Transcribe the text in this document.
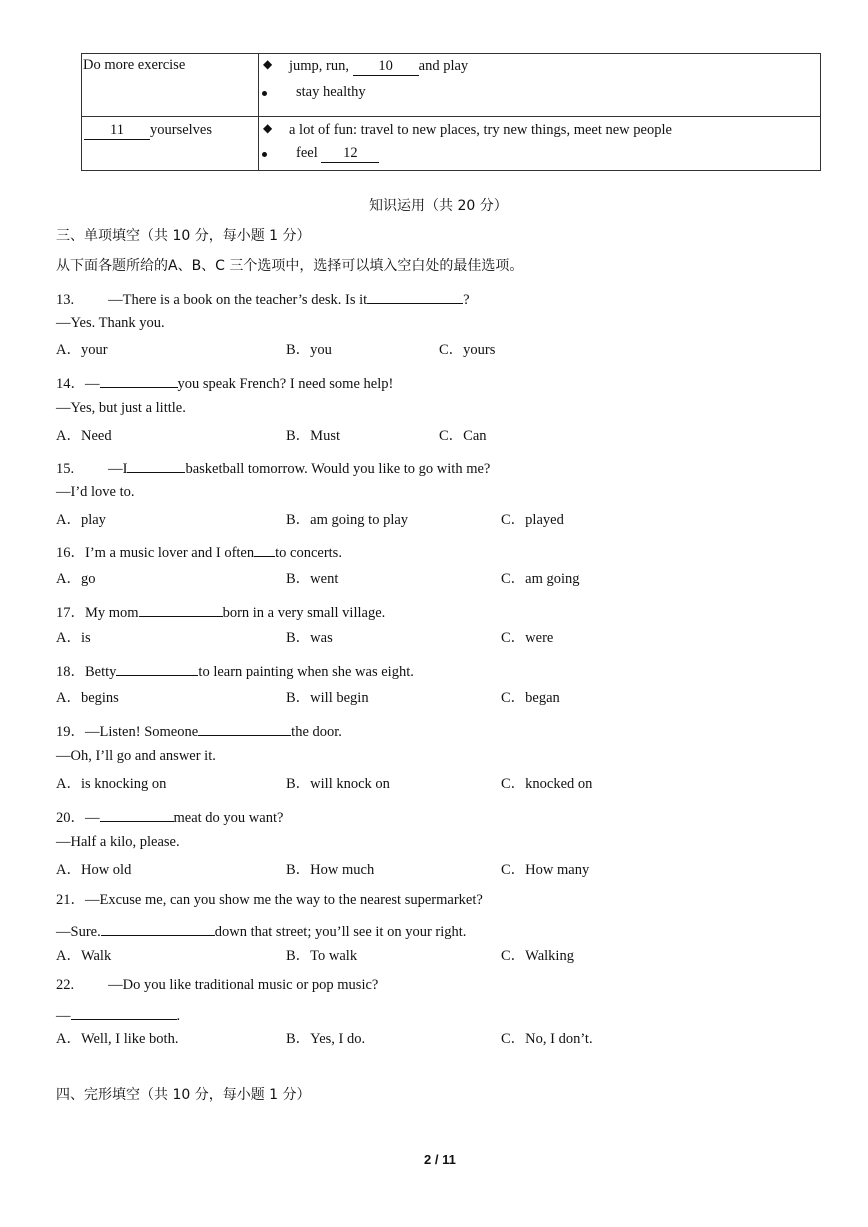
Do more exercise	◆ jump, run, 10 and play
stay healthy

11 yourselves	◆ a lot of fun: travel to new places, try new things, meet new people
feel 12
知识运用（共 20 分）
三、单项填空（共 10 分，每小题 1 分）
从下面各题所给的A、B、C 三个选项中，选择可以填入空白处的最佳选项。
13. —There is a book on the teacher’s desk. Is it	?
—Yes. Thank you.
A．your	B．you	C．yours
14．—	you speak French? I need some help!
—Yes, but just a little.
A．Need	B．Must	C．Can
15. —I	basketball tomorrow. Would you like to go with me?
—I’d love to.
A．play	B．am going to play	C．played
16．I’m a music lover and I often to concerts.
A．go	B．went	C．am going
17．My mom	born in a very small village.
A．is	B．was	C．were
18．Betty	to learn painting when she was eight.
A．begins	B．will begin	C．began
19．—Listen! Someone	the door.
—Oh, I’ll go and answer it.
A．is knocking on	B．will knock on	C．knocked on
20．—	meat do you want?
—Half a kilo, please.
A．How old	B．How much	C．How many
21．—Excuse me, can you show me the way to the nearest supermarket?
—Sure.	down that street; you’ll see it on your right.
A．Walk	B．To walk	C．Walking
22. —Do you like traditional music or pop music?
—	.
A．Well, I like both.	B．Yes, I do.	C．No, I don’t.
四、完形填空（共 10 分，每小题 1 分）
2 / 11
